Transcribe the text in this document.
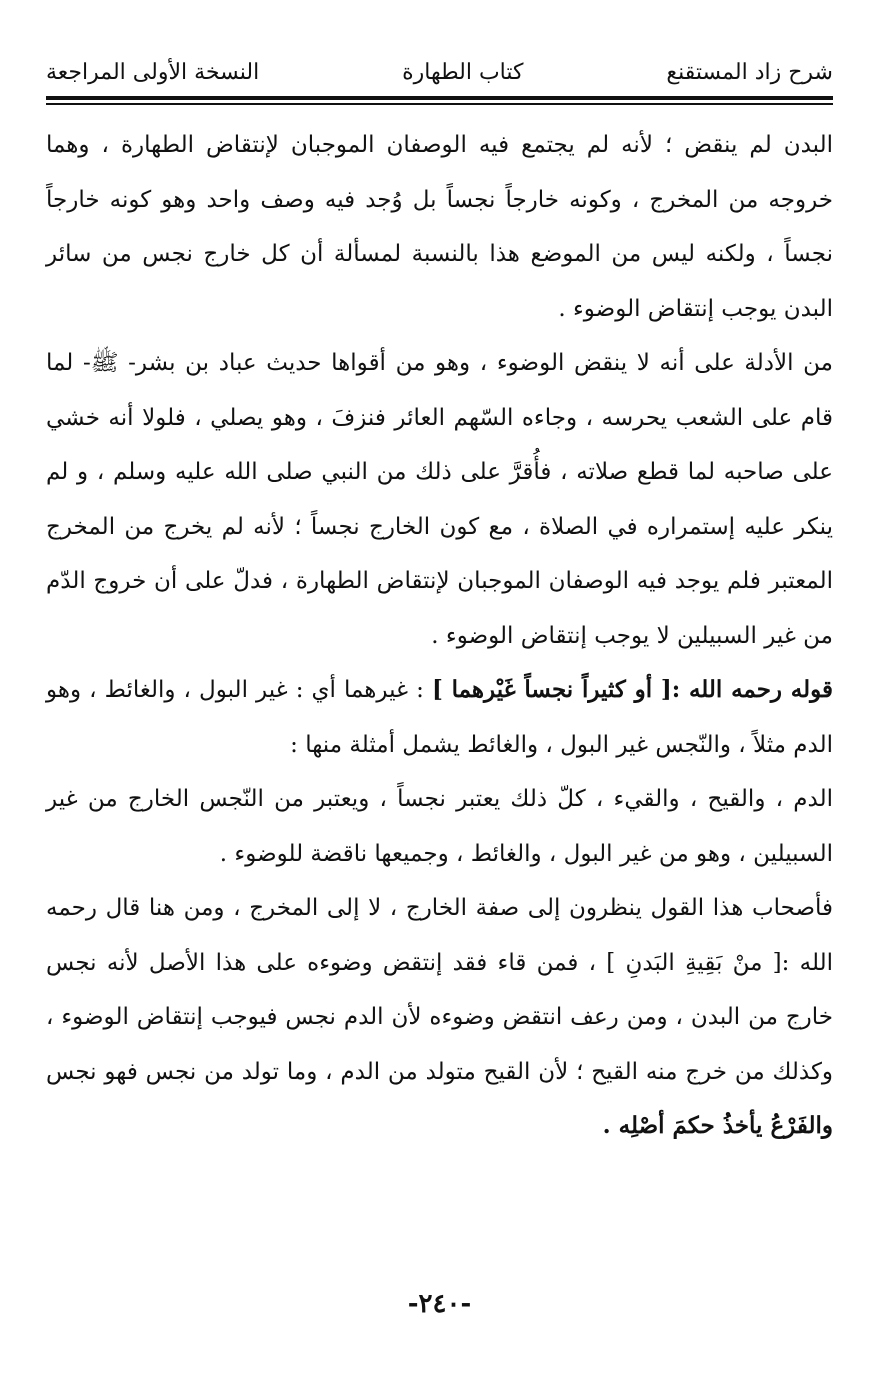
شرح زاد المستقنع
كتاب الطهارة
النسخة الأولى المراجعة

البدن لم ينقض ؛ لأنه لم يجتمع فيه الوصفان الموجبان لإنتقاض الطهارة ، وهما خروجه من المخرج ، وكونه خارجاً نجساً بل وُجد فيه وصف واحد وهو كونه خارجاً نجساً ، ولكنه ليس من الموضع هذا بالنسبة لمسألة أن كل خارج نجس من سائر البدن يوجب إنتقاض الوضوء .

من الأدلة على أنه لا ينقض الوضوء ، وهو من أقواها حديث عباد بن بشر- ﷺ- لما قام على الشعب يحرسه ، وجاءه السّهم العائر فنزفَ ، وهو يصلي ، فلولا أنه خشي على صاحبه لما قطع صلاته ، فأُقرَّ على ذلك من النبي صلى الله عليه وسلم ، و لم ينكر عليه إستمراره في الصلاة ، مع كون الخارج نجساً ؛ لأنه لم يخرج من المخرج المعتبر فلم يوجد فيه الوصفان الموجبان لإنتقاض الطهارة ، فدلّ على أن خروج الدّم من غير السبيلين لا يوجب إنتقاض الوضوء .

قوله رحمه الله :[ أو كثيراً نجساً غَيْرهما ] : غيرهما أي : غير البول ، والغائط ، وهو الدم مثلاً ، والنّجس غير البول ، والغائط يشمل أمثلة منها :

الدم ، والقيح ، والقيء ، كلّ ذلك يعتبر نجساً ، ويعتبر من النّجس الخارج من غير السبيلين ، وهو من غير البول ، والغائط ، وجميعها ناقضة للوضوء .

فأصحاب هذا القول ينظرون إلى صفة الخارج ، لا إلى المخرج ، ومن هنا قال رحمه الله :[ منْ بَقِيةِ البَدنِ ] ، فمن قاء فقد إنتقض وضوءه على هذا الأصل لأنه نجس خارج من البدن ، ومن رعف انتقض وضوءه لأن الدم نجس فيوجب إنتقاض الوضوء ، وكذلك من خرج منه القيح ؛ لأن القيح متولد من الدم ، وما تولد من نجس فهو نجس والفَرْعُ يأخذُ حكمَ أصْلِه .

-٢٤٠-
